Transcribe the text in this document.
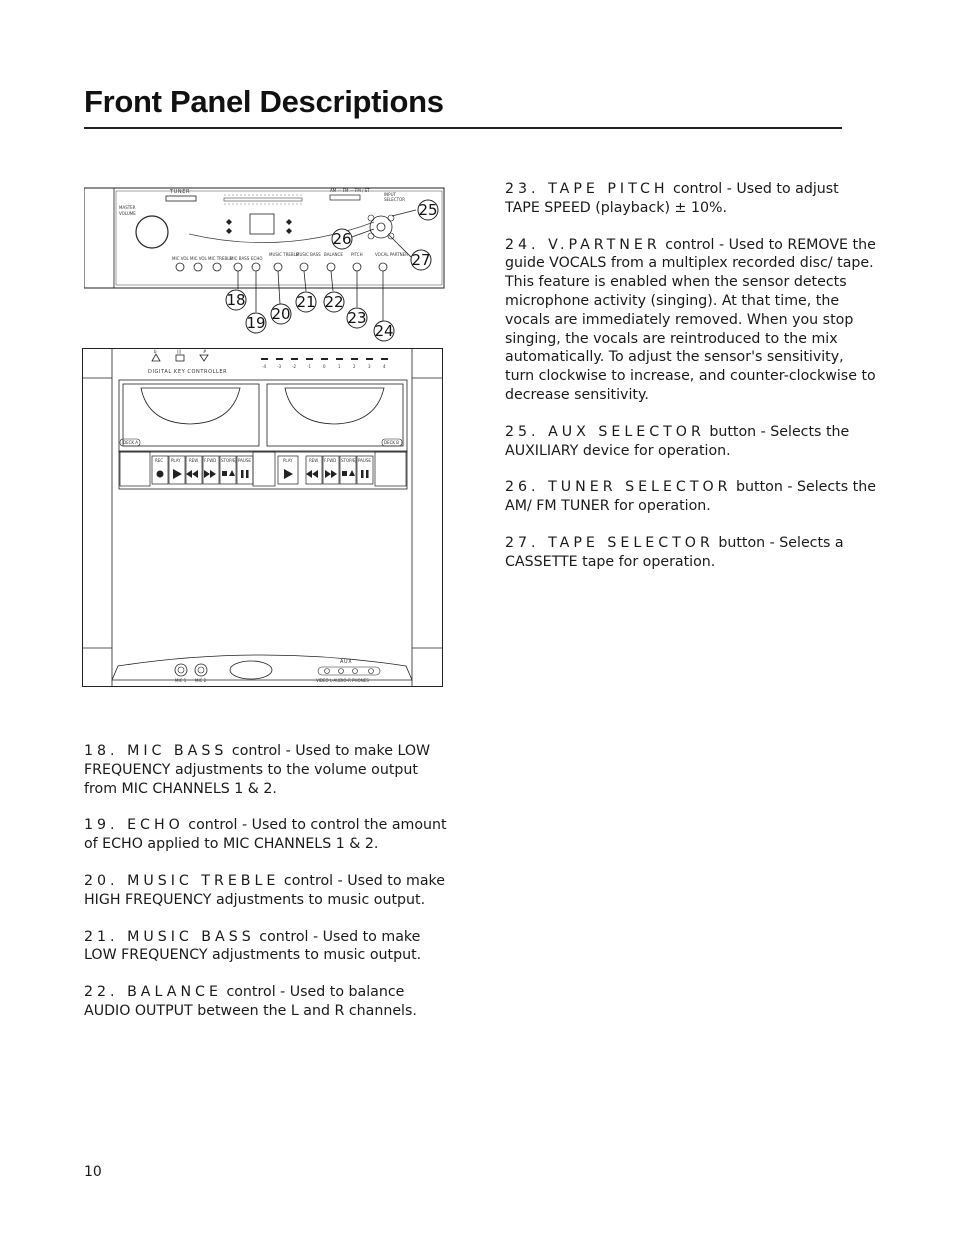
Front Panel Descriptions
TUNER
MASTER
VOLUME
AM — FM — FM / ST
INPUT
SELECTOR
MIC VOL MIC VOL MIC TREBLE
MIC BASS ECHO
MUSIC TREBLE
MUSIC BASS BALANCE PITCH	VOCAL PARTNER
18
19 20
21 22
23
24
25
26
27
b	|||	#
DIGITAL KEY CONTROLLER
-4	-3	-2	-1	0	1	2	3	4
DECK A	DECK B
REC PLAY REW F.FWD STOP/EJ PAUSE	PLAY	REW F.FWD STOP/EJ PAUSE
MIC 1 MIC 2
AUX
VIDEO L-AUDIO-R PHONES

23. TAPE PITCH control - Used to adjust TAPE SPEED (playback) ± 10%.

24. V.PARTNER control - Used to REMOVE the guide VOCALS from a multiplex recorded disc/ tape. This feature is enabled when the sensor detects microphone activity (singing). At that time, the vocals are immediately removed. When you stop singing, the vocals are reintroduced to the mix automatically. To adjust the sensor's sensitivity, turn clockwise to increase, and counter-clockwise to decrease sensitivity.

25. AUX SELECTOR button - Selects the AUXILIARY device for operation.

26. TUNER SELECTOR button - Selects the AM/ FM TUNER for operation.

27. TAPE SELECTOR button - Selects a CASSETTE tape for operation.

18. MIC BASS control - Used to make LOW FREQUENCY adjustments to the volume output from MIC CHANNELS 1 & 2.

19. ECHO control - Used to control the amount of ECHO applied to MIC CHANNELS 1 & 2.

20. MUSIC TREBLE control - Used to make HIGH FREQUENCY adjustments to music output.

21. MUSIC BASS control - Used to make LOW FREQUENCY adjustments to music output.

22. BALANCE control - Used to balance AUDIO OUTPUT between the L and R channels.

10
